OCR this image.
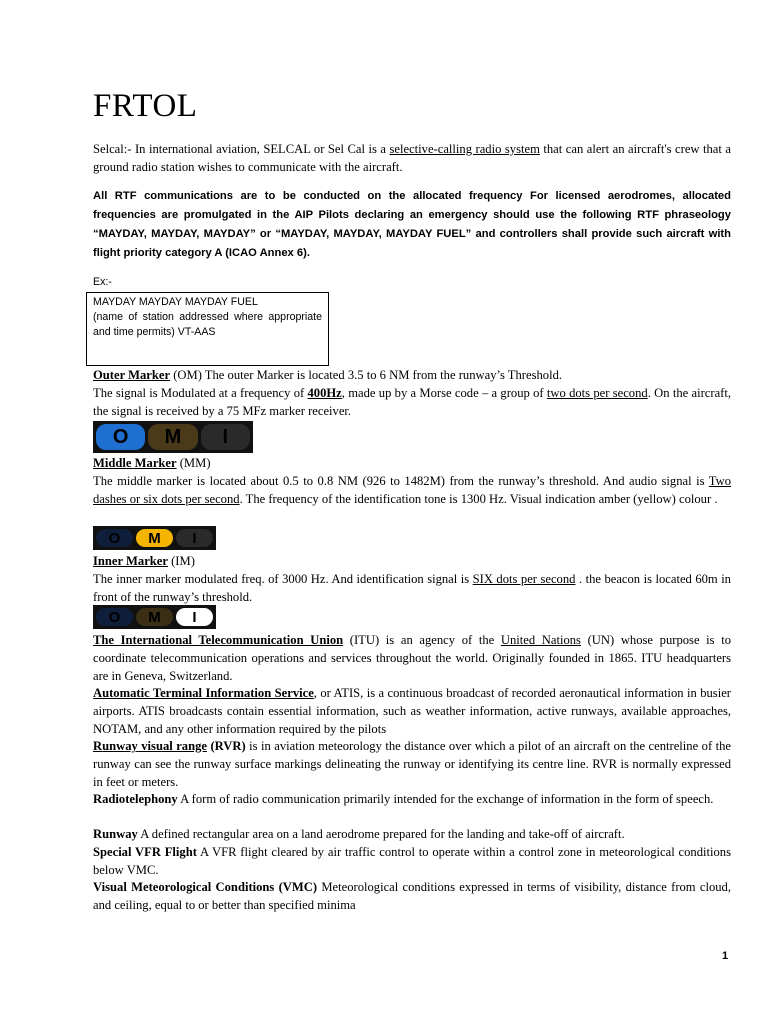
FRTOL

Selcal:- In international aviation, SELCAL or Sel Cal is a selective-calling radio system that can alert an aircraft's crew that a ground radio station wishes to communicate with the aircraft.

All RTF communications are to be conducted on the allocated frequency For licensed aerodromes, allocated frequencies are promulgated in the AIP Pilots declaring an emergency should use the following RTF phraseology “MAYDAY, MAYDAY, MAYDAY” or “MAYDAY, MAYDAY, MAYDAY FUEL” and controllers shall provide such aircraft with flight priority category A (ICAO Annex 6).

Ex:-
MAYDAY MAYDAY MAYDAY FUEL
(name of station addressed where appropriate and time permits) VT-AAS

Outer Marker (OM) The outer Marker is located 3.5 to 6 NM from the runway’s Threshold.
The signal is Modulated at a frequency of 400Hz, made up by a Morse code – a group of two dots per second. On the aircraft, the signal is received by a 75 MFz marker receiver.

O	M	I

Middle Marker (MM)
The middle marker is located about 0.5 to 0.8 NM (926 to 1482M) from the runway’s threshold. And audio signal is Two dashes or six dots per second. The frequency of the identification tone is 1300 Hz. Visual indication amber (yellow) colour .

O	M	I

Inner Marker (IM)
The inner marker modulated freq. of 3000 Hz. And identification signal is SIX dots per second . the beacon is located 60m in front of the runway’s threshold.

O	M	I

The International Telecommunication Union (ITU) is an agency of the United Nations (UN) whose purpose is to coordinate telecommunication operations and services throughout the world. Originally founded in 1865. ITU headquarters are in Geneva, Switzerland.

Automatic Terminal Information Service, or ATIS, is a continuous broadcast of recorded aeronautical information in busier airports. ATIS broadcasts contain essential information, such as weather information, active runways, available approaches, NOTAM, and any other information required by the pilots

Runway visual range (RVR) is in aviation meteorology the distance over which a pilot of an aircraft on the centreline of the runway can see the runway surface markings delineating the runway or identifying its centre line. RVR is normally expressed in feet or meters.

Radiotelephony A form of radio communication primarily intended for the exchange of information in the form of speech.

Runway A defined rectangular area on a land aerodrome prepared for the landing and take-off of aircraft.

Special VFR Flight A VFR flight cleared by air traffic control to operate within a control zone in meteorological conditions below VMC.

Visual Meteorological Conditions (VMC) Meteorological conditions expressed in terms of visibility, distance from cloud, and ceiling, equal to or better than specified minima

1
